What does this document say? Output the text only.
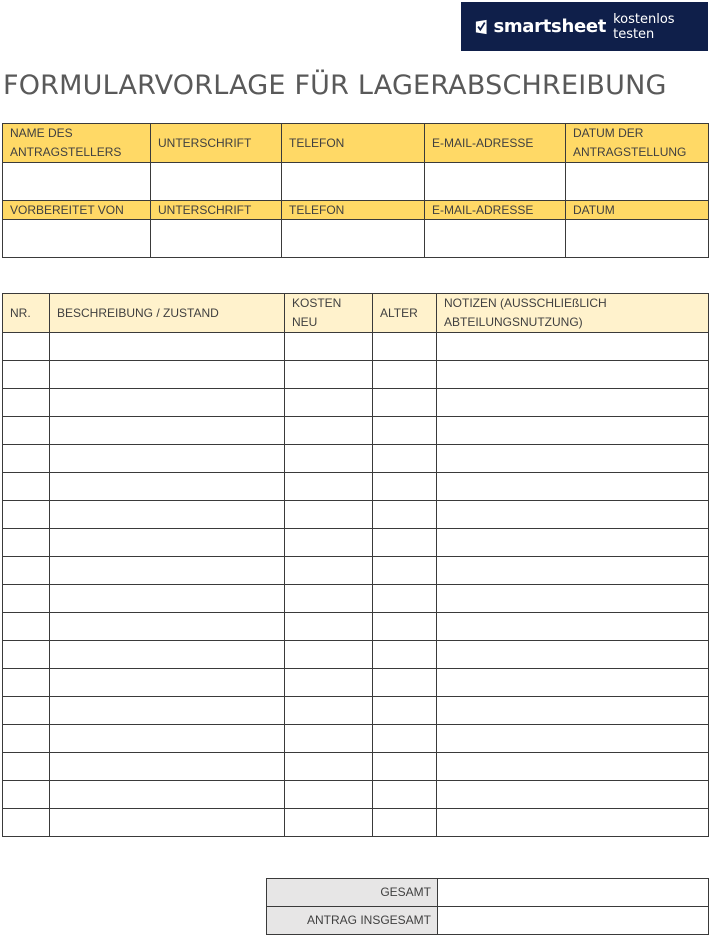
smartsheet kostenlos testen
FORMULARVORLAGE FÜR LAGERABSCHREIBUNG
NAME DES ANTRAGSTELLERS	UNTERSCHRIFT	TELEFON	E-MAIL-ADRESSE	DATUM DER ANTRAGSTELLUNG

VORBEREITET VON	UNTERSCHRIFT	TELEFON	E-MAIL-ADRESSE	DATUM

NR.	BESCHREIBUNG / ZUSTAND	KOSTEN NEU	ALTER	NOTIZEN (AUSSCHLIEßLICH ABTEILUNGSNUTZUNG)

GESAMT	
ANTRAG INSGESAMT	
